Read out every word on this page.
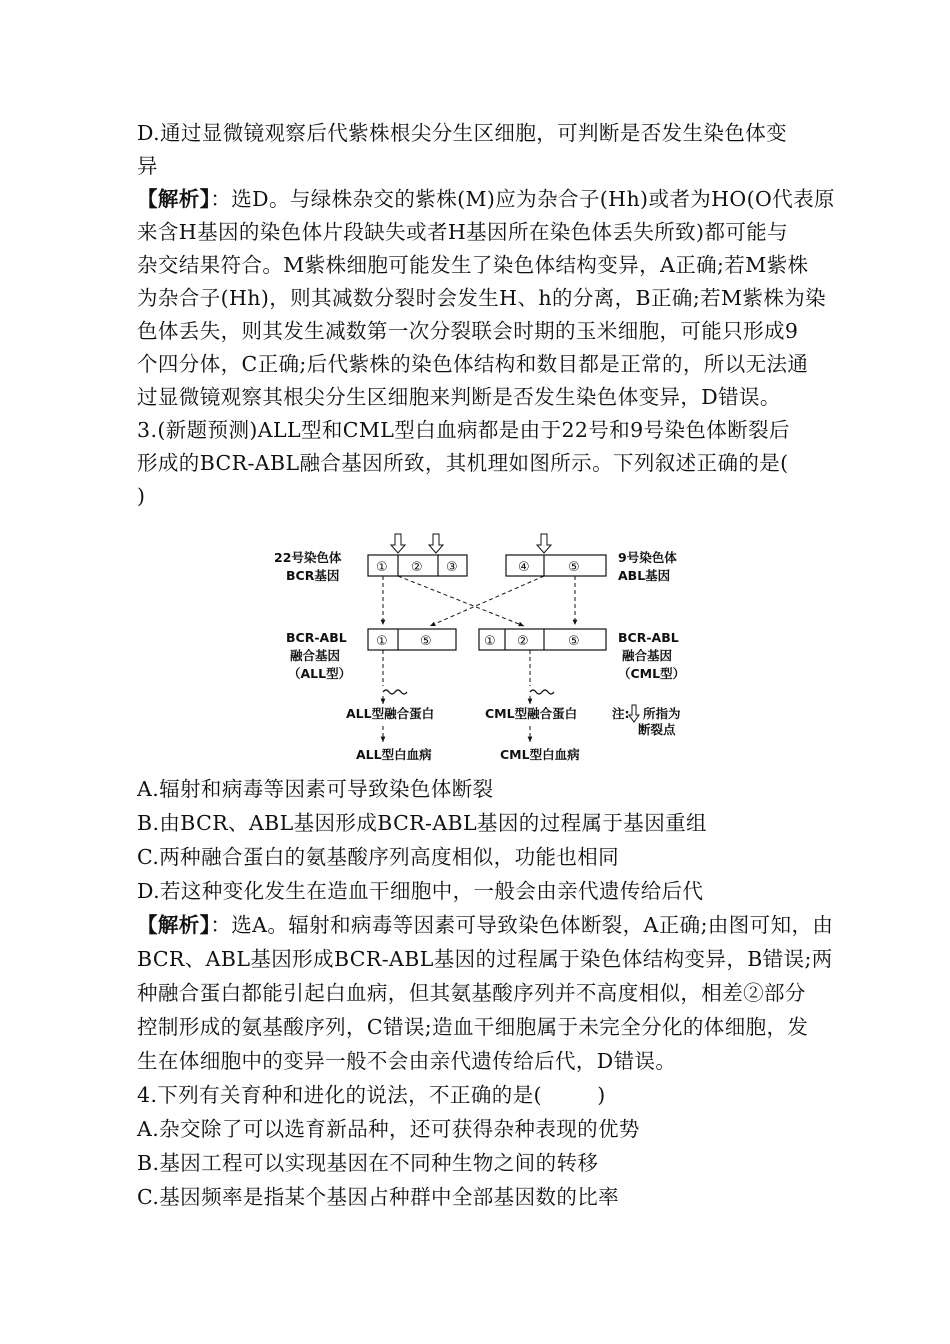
D.通过显微镜观察后代紫株根尖分生区细胞，可判断是否发生染色体变
异
【解析】：选D。与绿株杂交的紫株(M)应为杂合子(Hh)或者为HO(O代表原
来含H基因的染色体片段缺失或者H基因所在染色体丢失所致)都可能与
杂交结果符合。M紫株细胞可能发生了染色体结构变异，A正确;若M紫株
为杂合子(Hh)，则其减数分裂时会发生H、h的分离，B正确;若M紫株为染
色体丢失，则其发生减数第一次分裂联会时期的玉米细胞，可能只形成9
个四分体，C正确;后代紫株的染色体结构和数目都是正常的，所以无法通
过显微镜观察其根尖分生区细胞来判断是否发生染色体变异，D错误。
3.(新题预测)ALL型和CML型白血病都是由于22号和9号染色体断裂后
形成的BCR-ABL融合基因所致，其机理如图所示。下列叙述正确的是(
)
22号染色体
BCR基因
① ② ③	④	⑤
9号染色体
ABL基因
BCR-ABL
融合基因
（ALL型）
① ⑤	① ②	⑤	BCR-ABL
融合基因
（CML型）
ALL型融合蛋白	CML型融合蛋白	注: 所指为
断裂点
ALL型白血病	CML型白血病
A.辐射和病毒等因素可导致染色体断裂
B.由BCR、ABL基因形成BCR-ABL基因的过程属于基因重组
C.两种融合蛋白的氨基酸序列高度相似，功能也相同
D.若这种变化发生在造血干细胞中，一般会由亲代遗传给后代
【解析】：选A。辐射和病毒等因素可导致染色体断裂，A正确;由图可知，由
BCR、ABL基因形成BCR-ABL基因的过程属于染色体结构变异，B错误;两
种融合蛋白都能引起白血病，但其氨基酸序列并不高度相似，相差②部分
控制形成的氨基酸序列，C错误;造血干细胞属于未完全分化的体细胞，发
生在体细胞中的变异一般不会由亲代遗传给后代，D错误。
4.下列有关育种和进化的说法，不正确的是(        )
A.杂交除了可以选育新品种，还可获得杂种表现的优势
B.基因工程可以实现基因在不同种生物之间的转移
C.基因频率是指某个基因占种群中全部基因数的比率
